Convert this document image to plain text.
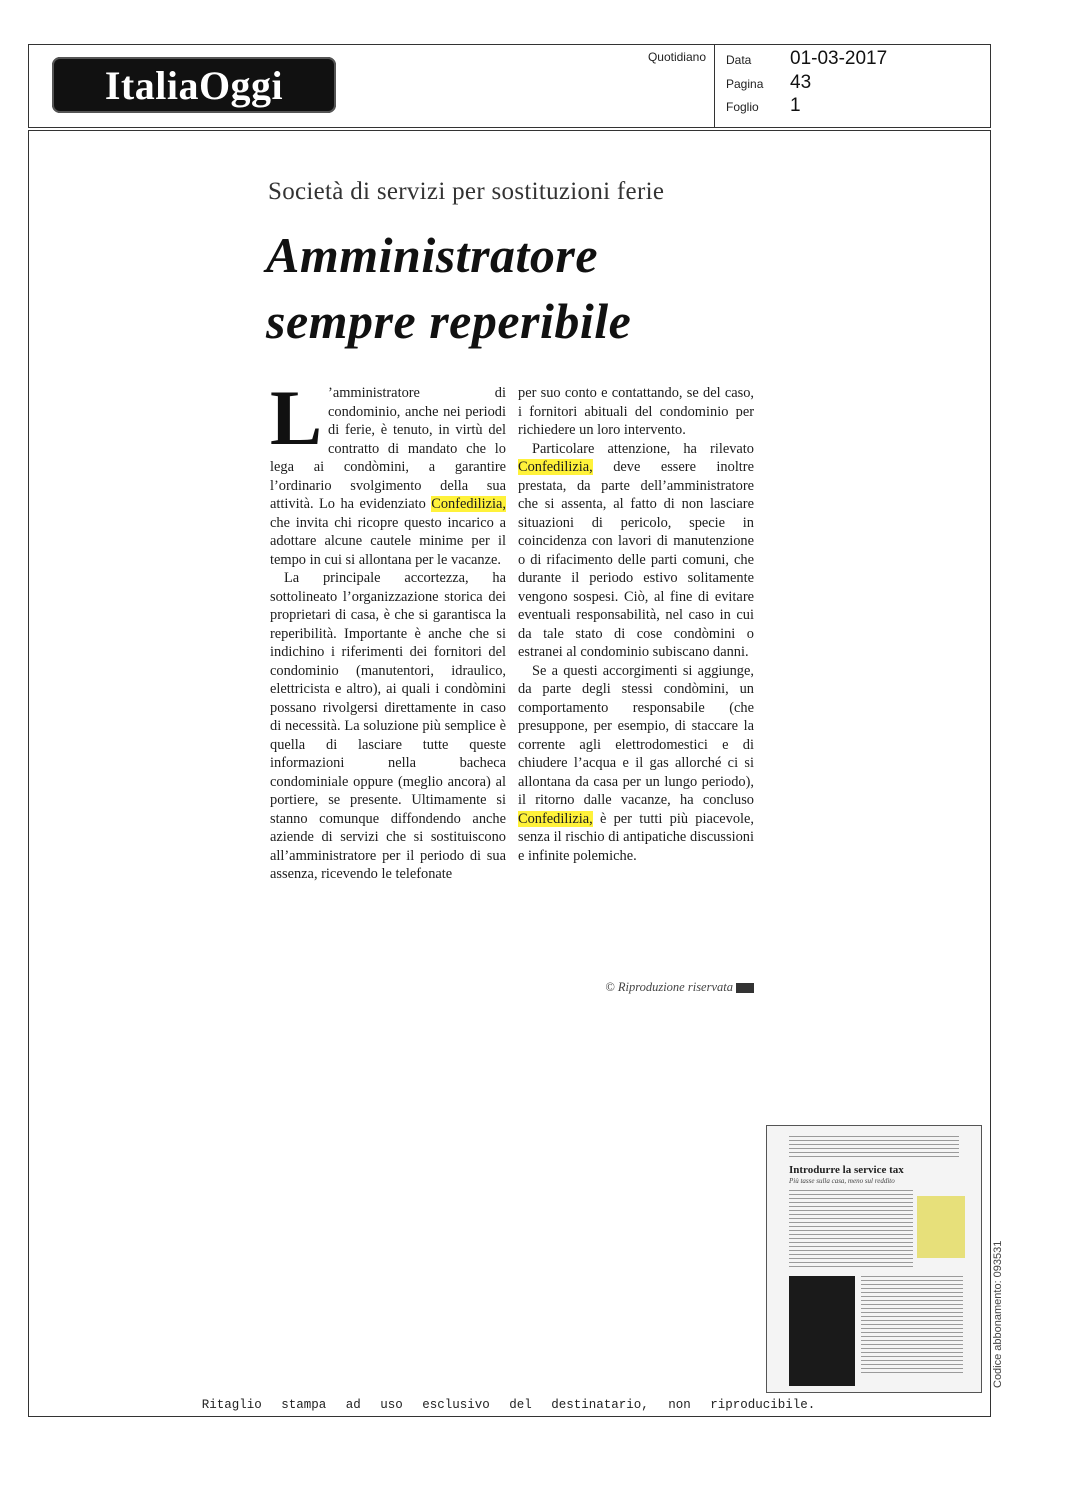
ItaliaOggi
Quotidiano Data 01-03-2017
Pagina 43
Foglio 1
Società di servizi per sostituzioni ferie
Amministratore
sempre reperibile

L ’amministratore di condominio, anche nei periodi di ferie, è tenuto, in virtù del contratto di mandato che lo lega ai condòmini, a garantire l’ordinario svolgimento della sua attività. Lo ha evidenziato Confedilizia, che invita chi ricopre questo incarico a adottare alcune cautele minime per il tempo in cui si allontana per le vacanze.

La principale accortezza, ha sottolineato l’organizzazione storica dei proprietari di casa, è che si garantisca la reperibilità. Importante è anche che si indichino i riferimenti dei fornitori del condominio (manutentori, idraulico, elettricista e altro), ai quali i condòmini possano rivolgersi direttamente in caso di necessità. La soluzione più semplice è quella di lasciare tutte queste informazioni nella bacheca condominiale oppure (meglio ancora) al portiere, se presente. Ultimamente si stanno comunque diffondendo anche aziende di servizi che si sostituiscono all’amministratore per il periodo di sua assenza, ricevendo le telefonate

per suo conto e contattando, se del caso, i fornitori abituali del condominio per richiedere un loro intervento.

Particolare attenzione, ha rilevato Confedilizia, deve essere inoltre prestata, da parte dell’amministratore che si assenta, al fatto di non lasciare situazioni di pericolo, specie in coincidenza con lavori di manutenzione o di rifacimento delle parti comuni, che durante il periodo estivo solitamente vengono sospesi. Ciò, al fine di evitare eventuali responsabilità, nel caso in cui da tale stato di cose condòmini o estranei al condominio subiscano danni.

Se a questi accorgimenti si aggiunge, da parte degli stessi condòmini, un comportamento responsabile (che presuppone, per esempio, di staccare la corrente agli elettrodomestici e di chiudere l’acqua e il gas allorché ci si allontana da casa per un lungo periodo), il ritorno dalle vacanze, ha concluso Confedilizia, è per tutti più piacevole, senza il rischio di antipatiche discussioni e infinite polemiche.

© Riproduzione riservata
Introdurre la service tax
Più tasse sulla casa, meno sul reddito
Codice abbonamento: 093531
Ritaglio stampa ad uso esclusivo del destinatario, non riproducibile.
